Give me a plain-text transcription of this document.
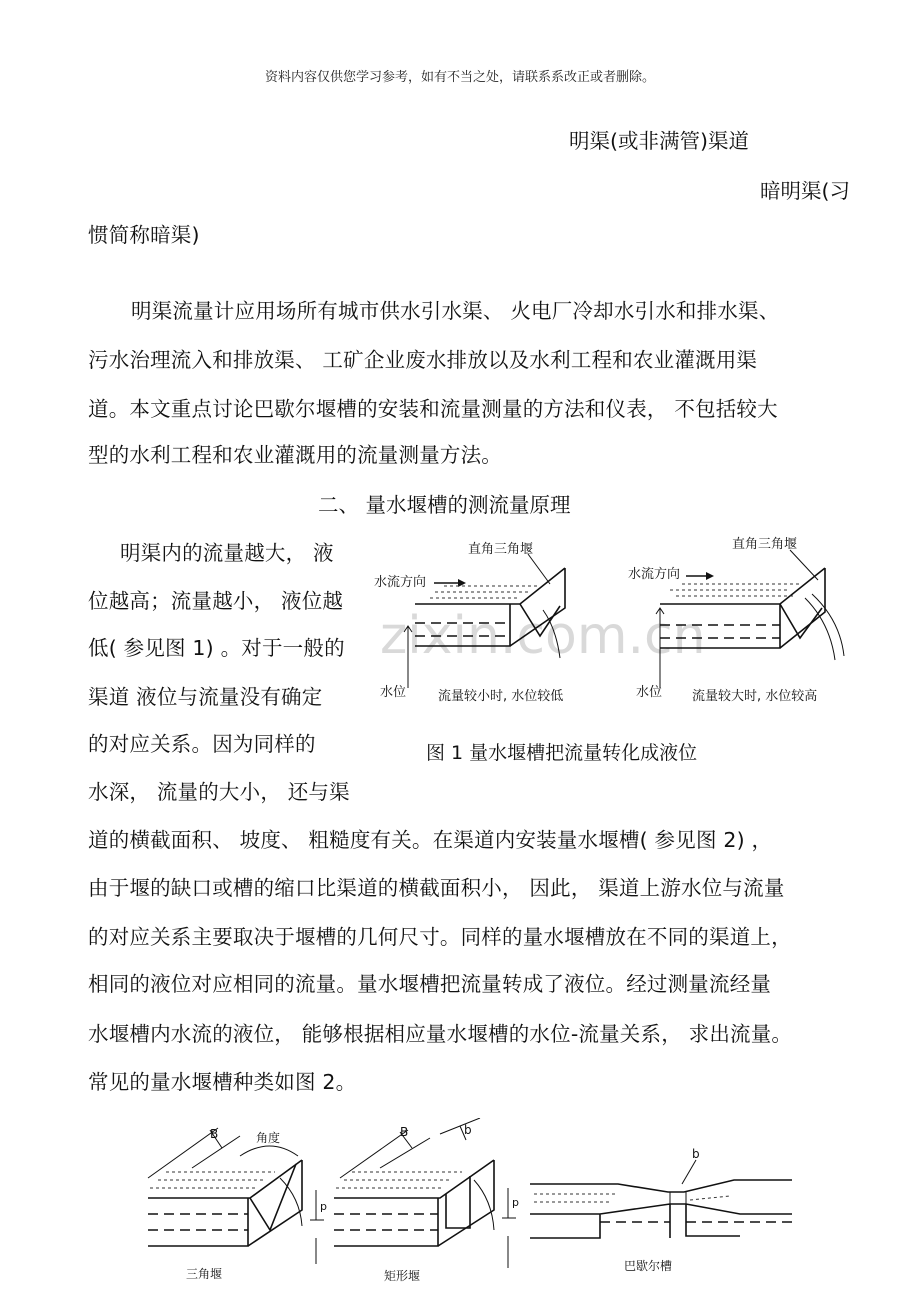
资料内容仅供您学习参考，如有不当之处，请联系系改正或者删除。
明渠(或非满管)渠道
暗明渠(习
惯简称暗渠)
明渠流量计应用场所有城市供水引水渠、 火电厂冷却水引水和排水渠、
污水治理流入和排放渠、 工矿企业废水排放以及水利工程和农业灌溉用渠
道。本文重点讨论巴歇尔堰槽的安装和流量测量的方法和仪表， 不包括较大
型的水利工程和农业灌溉用的流量测量方法。
二、 量水堰槽的测流量原理
明渠内的流量越大， 液
位越高；流量越小， 液位越
低( 参见图 1) 。对于一般的
渠道 液位与流量没有确定
的对应关系。因为同样的
水深， 流量的大小， 还与渠
zixin.com.cn
直角三角堰
水流方向
水位 流量较小时, 水位较低
直角三角堰
水流方向
水位 流量较大时, 水位较高
图 1 量水堰槽把流量转化成液位
道的横截面积、 坡度、 粗糙度有关。在渠道内安装量水堰槽( 参见图 2) ，
由于堰的缺口或槽的缩口比渠道的横截面积小， 因此， 渠道上游水位与流量
的对应关系主要取决于堰槽的几何尺寸。同样的量水堰槽放在不同的渠道上，
相同的液位对应相同的流量。量水堰槽把流量转成了液位。经过测量流经量
水堰槽内水流的液位， 能够根据相应量水堰槽的水位-流量关系， 求出流量。
常见的量水堰槽种类如图 2。
B	角度
p
三角堰
B	b
p
矩形堰
b
巴歇尔槽
